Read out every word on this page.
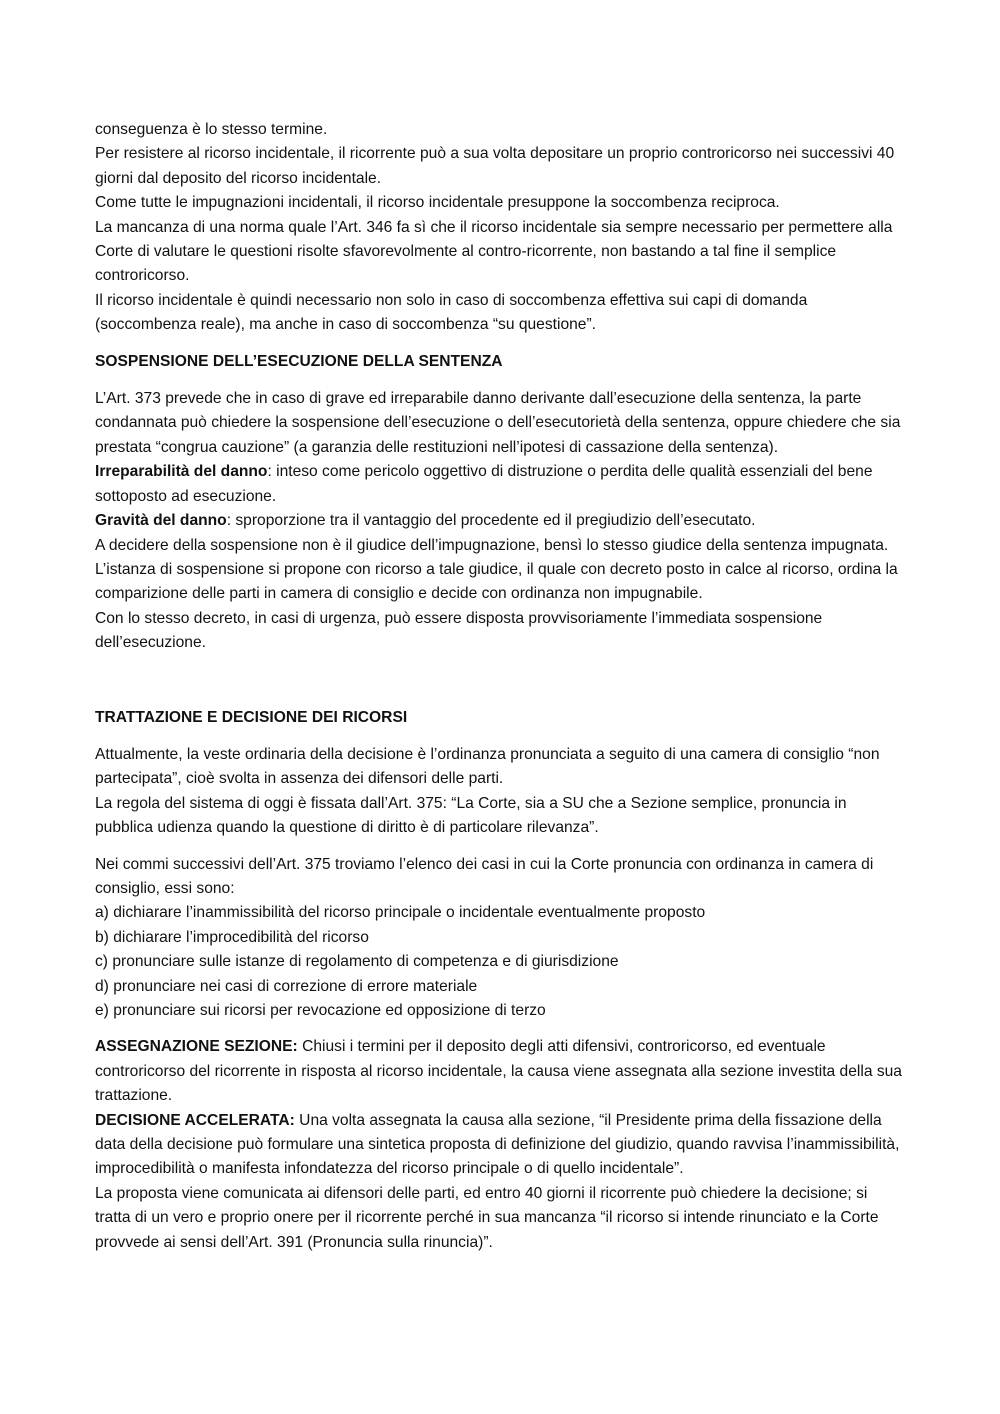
conseguenza è lo stesso termine.

Per resistere al ricorso incidentale, il ricorrente può a sua volta depositare un proprio controricorso nei successivi 40 giorni dal deposito del ricorso incidentale.

Come tutte le impugnazioni incidentali, il ricorso incidentale presuppone la soccombenza reciproca.

La mancanza di una norma quale l’Art. 346 fa sì che il ricorso incidentale sia sempre necessario per permettere alla Corte di valutare le questioni risolte sfavorevolmente al contro-ricorrente, non bastando a tal fine il semplice controricorso.

Il ricorso incidentale è quindi necessario non solo in caso di soccombenza effettiva sui capi di domanda (soccombenza reale), ma anche in caso di soccombenza “su questione”.

SOSPENSIONE DELL’ESECUZIONE DELLA SENTENZA

L’Art. 373 prevede che in caso di grave ed irreparabile danno derivante dall’esecuzione della sentenza, la parte condannata può chiedere la sospensione dell’esecuzione o dell’esecutorietà della sentenza, oppure chiedere che sia prestata “congrua cauzione” (a garanzia delle restituzioni nell’ipotesi di cassazione della sentenza).

Irreparabilità del danno: inteso come pericolo oggettivo di distruzione o perdita delle qualità essenziali del bene sottoposto ad esecuzione.

Gravità del danno: sproporzione tra il vantaggio del procedente ed il pregiudizio dell’esecutato.

A decidere della sospensione non è il giudice dell’impugnazione, bensì lo stesso giudice della sentenza impugnata.

L’istanza di sospensione si propone con ricorso a tale giudice, il quale con decreto posto in calce al ricorso, ordina la comparizione delle parti in camera di consiglio e decide con ordinanza non impugnabile.

Con lo stesso decreto, in casi di urgenza, può essere disposta provvisoriamente l’immediata sospensione dell’esecuzione.

TRATTAZIONE E DECISIONE DEI RICORSI

Attualmente, la veste ordinaria della decisione è l’ordinanza pronunciata a seguito di una camera di consiglio “non partecipata”, cioè svolta in assenza dei difensori delle parti.

La regola del sistema di oggi è fissata dall’Art. 375: “La Corte, sia a SU che a Sezione semplice, pronuncia in pubblica udienza quando la questione di diritto è di particolare rilevanza”.

Nei commi successivi dell’Art. 375 troviamo l’elenco dei casi in cui la Corte pronuncia con ordinanza in camera di consiglio, essi sono:

a) dichiarare l’inammissibilità del ricorso principale o incidentale eventualmente proposto

b) dichiarare l’improcedibilità del ricorso

c) pronunciare sulle istanze di regolamento di competenza e di giurisdizione

d) pronunciare nei casi di correzione di errore materiale

e) pronunciare sui ricorsi per revocazione ed opposizione di terzo

ASSEGNAZIONE SEZIONE: Chiusi i termini per il deposito degli atti difensivi, controricorso, ed eventuale controricorso del ricorrente in risposta al ricorso incidentale, la causa viene assegnata alla sezione investita della sua trattazione.

DECISIONE ACCELERATA: Una volta assegnata la causa alla sezione, “il Presidente prima della fissazione della data della decisione può formulare una sintetica proposta di definizione del giudizio, quando ravvisa l’inammissibilità, improcedibilità o manifesta infondatezza del ricorso principale o di quello incidentale”.

La proposta viene comunicata ai difensori delle parti, ed entro 40 giorni il ricorrente può chiedere la decisione; si tratta di un vero e proprio onere per il ricorrente perché in sua mancanza “il ricorso si intende rinunciato e la Corte provvede ai sensi dell’Art. 391 (Pronuncia sulla rinuncia)”.
